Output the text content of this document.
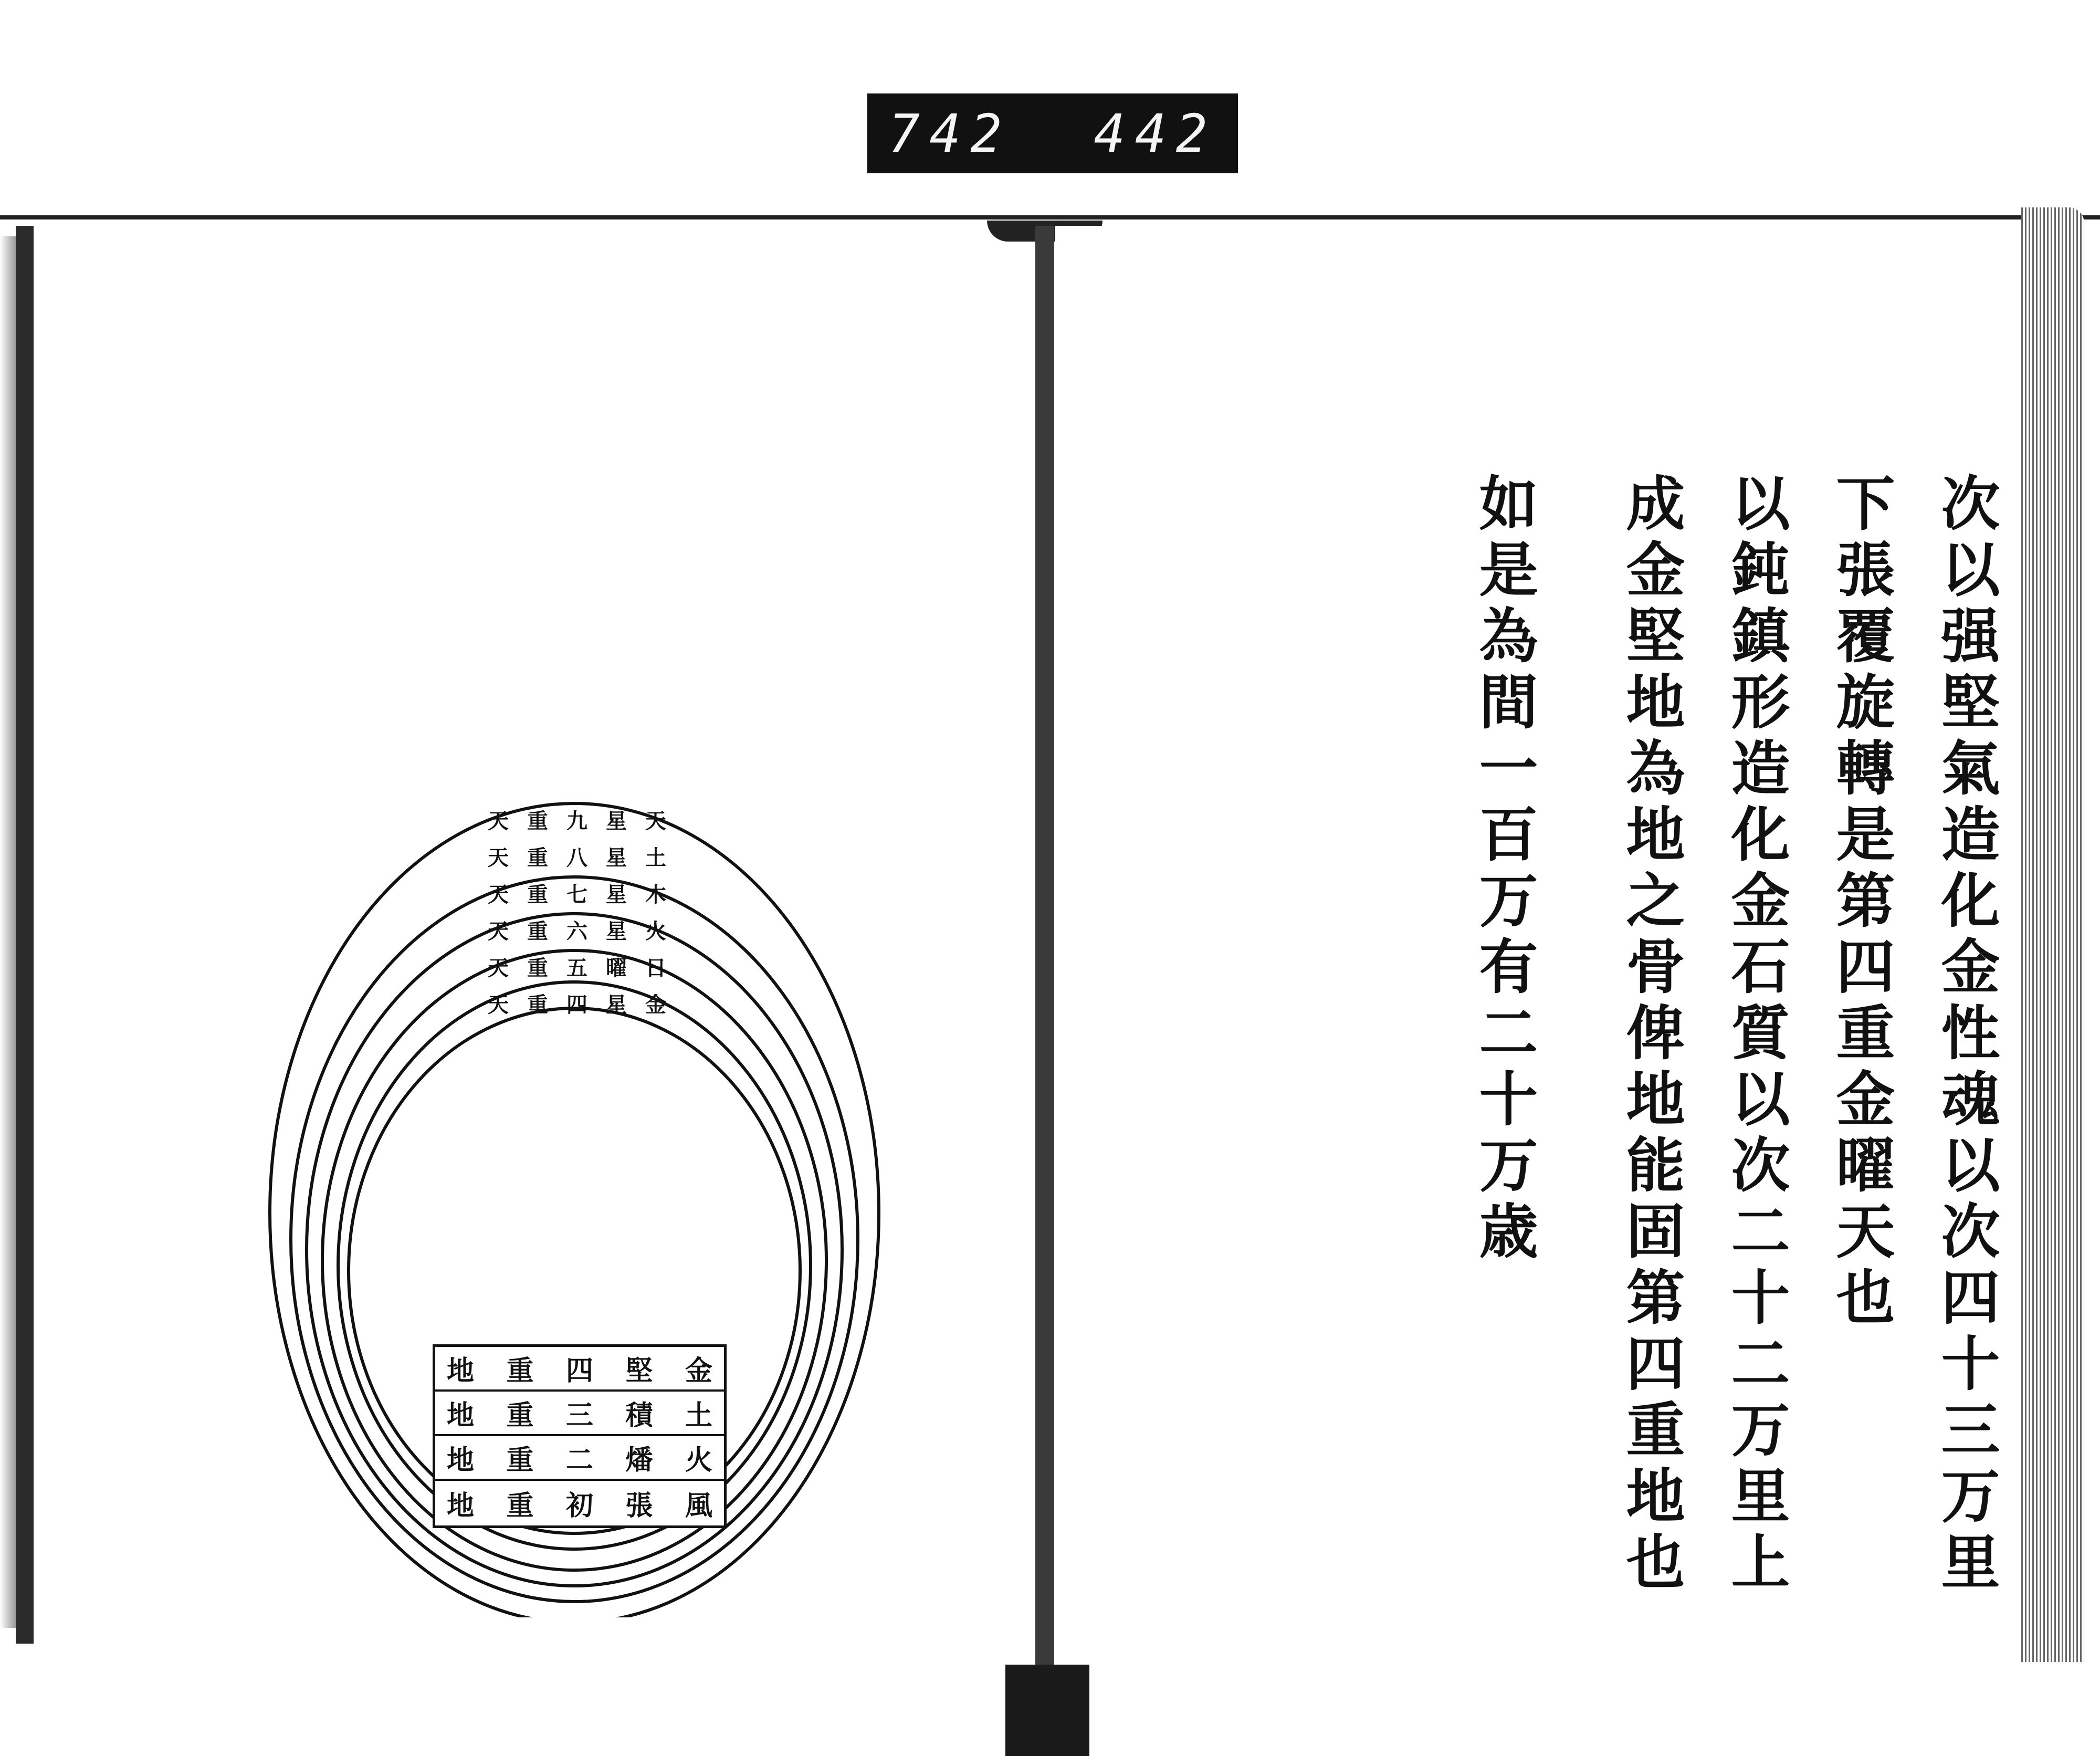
742 442
天 重 九 星 天
天 重 八 星 土
天 重 七 星 木
天 重 六 星 火
天 重 五 曜 日
天 重 四 星 金
地 重 四 堅 金
地 重 三 積 土
地 重 二 燔 火
地 重 初 張 風	次以强堅氣造化金性魂以次四十三万里
下張覆旋轉是第四重金曜天也
以鈍鎮形造化金石質以次二十二万里上
成金堅地為地之骨俾地能固第四重地也
如是為間一百万有二十万歳
